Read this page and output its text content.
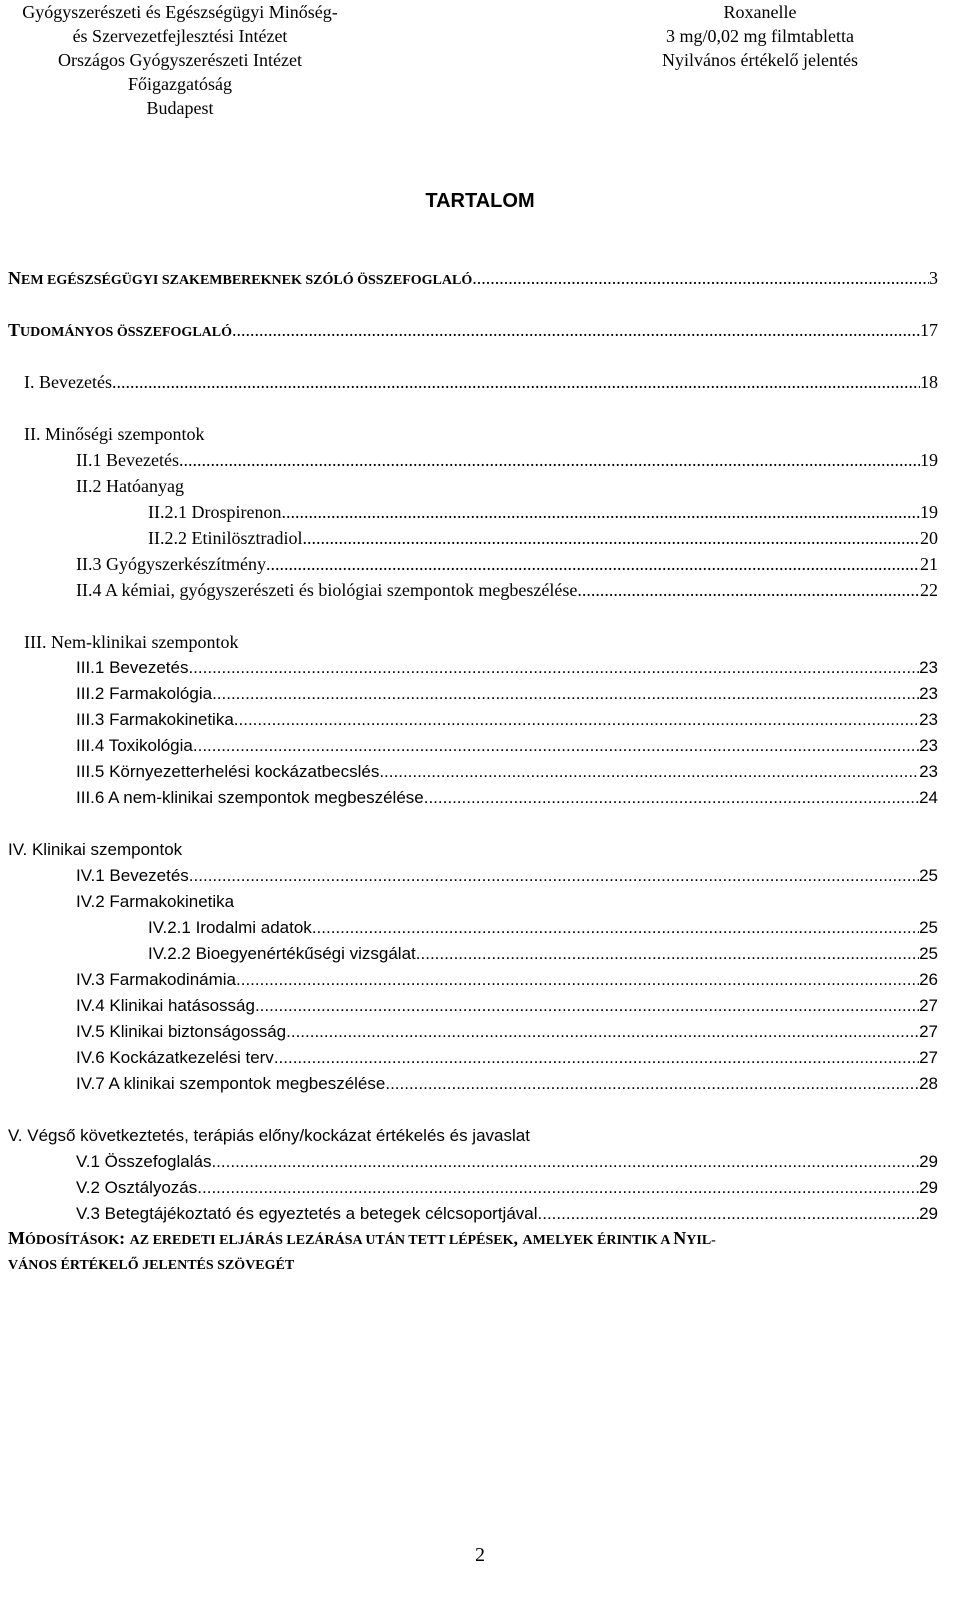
Gyógyszerészeti és Egészségügyi Minőség-
és Szervezetfejlesztési Intézet
Országos Gyógyszerészeti Intézet
Főigazgatóság
Budapest
Roxanelle
3 mg/0,02 mg filmtabletta
Nyilvános értékelő jelentés
TARTALOM
NEM EGÉSZSÉGÜGYI SZAKEMBEREKNEK SZÓLÓ ÖSSZEFOGLALÓ .....	3
TUDOMÁNYOS ÖSSZEFOGLALÓ... .....	17
I. Bevezetés .....	18
II. Minőségi szempontok
II.1 Bevezetés .....	19
II.2 Hatóanyag
II.2.1 Drospirenon .....	19
II.2.2 Etinilösztradiol .....	20
II.3 Gyógyszerkészítmény .....	21
II.4 A kémiai, gyógyszerészeti és biológiai szempontok megbeszélése .....	22
III. Nem-klinikai szempontok
III.1 Bevezetés .....	23
III.2 Farmakológia .....	23
III.3 Farmakokinetika .....	23
III.4 Toxikológia .....	23
III.5 Környezetterhelési kockázatbecslés .....	23
III.6 A nem-klinikai szempontok megbeszélése .....	24
IV. Klinikai szempontok
IV.1 Bevezetés .....	25
IV.2 Farmakokinetika
IV.2.1 Irodalmi adatok .....	25
IV.2.2 Bioegyenértékűségi vizsgálat .....	25
IV.3 Farmakodinámia .....	26
IV.4 Klinikai hatásosság .....	27
IV.5 Klinikai biztonságosság .....	27
IV.6 Kockázatkezelési terv .....	27
IV.7 A klinikai szempontok megbeszélése .....	28
V. Végső következtetés, terápiás előny/kockázat értékelés és javaslat
V.1 Összefoglalás .....	29
V.2 Osztályozás .....	29
V.3 Betegtájékoztató és egyeztetés a betegek célcsoportjával .....	29
MÓDOSÍTÁSOK: AZ EREDETI ELJÁRÁS LEZÁRÁSA UTÁN TETT LÉPÉSEK, AMELYEK ÉRINTIK A NYIL-
VÁNOS ÉRTÉKELŐ JELENTÉS SZÖVEGÉT
2
